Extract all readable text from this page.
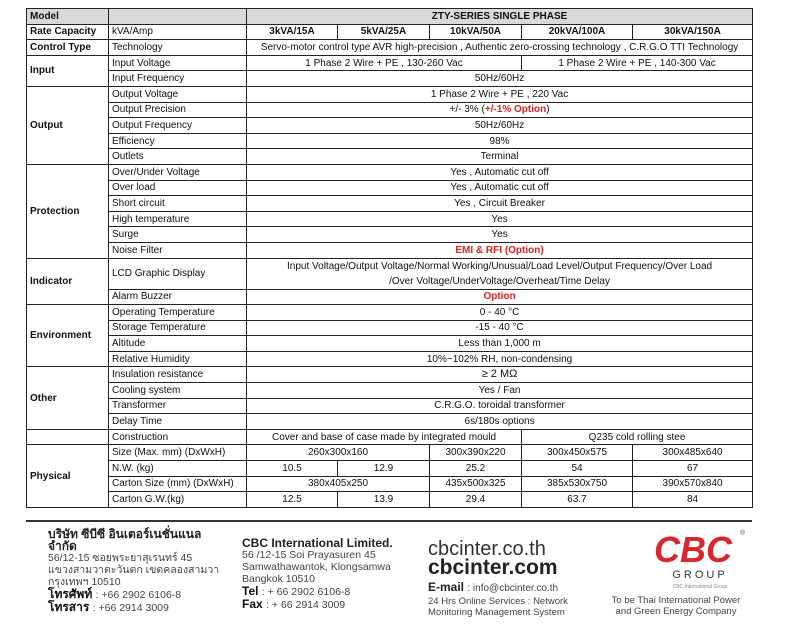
Model		ZTY-SERIES SINGLE PHASE				
Rate Capacity	kVA/Amp	3kVA/15A	5kVA/25A	10kVA/50A	20kVA/100A	30kVA/150A
Control Type	Technology	Servo-motor control type AVR high-precision , Authentic zero-crossing technology , C.R.G.O TTI Technology				
Input	Input Voltage	1 Phase 2 Wire + PE , 130-260 Vac			1 Phase 2 Wire + PE , 140-300 Vac	
	Input Frequency	50Hz/60Hz				
Output	Output Voltage	1 Phase 2 Wire + PE , 220 Vac				
	Output Precision	+/- 3% (+/-1% Option)				
	Output Frequency	50Hz/60Hz				
	Efficiency	98%				
	Outlets	Terminal				
Protection	Over/Under Voltage	Yes , Automatic cut off				
	Over load	Yes , Automatic cut off				
	Short circuit	Yes , Circuit Breaker				
	High temperature	Yes				
	Surge	Yes				
	Noise Filter	EMI & RFI (Option)				
Indicator	LCD Graphic Display	Input Voltage/Output Voltage/Normal Working/Unusual/Load Level/Output Frequency/Over Load
/Over Voltage/UnderVoltage/Overheat/Time Delay				

	Alarm Buzzer	Option				
Environment	Operating Temperature	0 - 40 °C				
	Storage Temperature	-15 - 40 °C				
	Altitude	Less than 1,000 m				
	Relative Humidity	10%~102% RH, non-condensing				
Other	Insulation resistance	≥ 2 MΩ				
	Cooling system	Yes / Fan				
	Transformer	C.R.G.O. toroidal transformer				
	Delay Time	6s/180s options				
	Construction	Cover and base of case made by integrated mould			Q235 cold rolling stee	
Physical	Size (Max. mm) (DxWxH)	260x300x160		300x390x220	300x450x575	300x485x640
	N.W. (kg)	10.5	12.9	25.2	54	67
	Carton Size (mm) (DxWxH)	380x405x250		435x500x325	385x530x750	390x570x840
	Carton G.W.(kg)	12.5	13.9	29.4	63.7	84
บริษัท ซีบีซี อินเตอร์เนชั่นแนล จำกัด
56/12-15 ซอยพระยาสุเรนทร์ 45
แขวงสามวาตะวันตก เขตคลองสามวา
กรุงเทพฯ 10510
โทรศัพท์ : +66 2902 6106-8
โทรสาร : +66 2914 3009
CBC International Limited.
56 /12-15 Soi Prayasuren 45
Samwathawantok, Klongsamwa
Bangkok 10510
Tel : + 66 2902 6106-8
Fax : + 66 2914 3009
cbcinter.co.th
cbcinter.com
E-mail : info@cbcinter.co.th
24 Hrs Online Services : Network
Monitoring Management System
CBC ®
GROUP
CBC International Group
To be Thai International Power
and Green Energy Company
